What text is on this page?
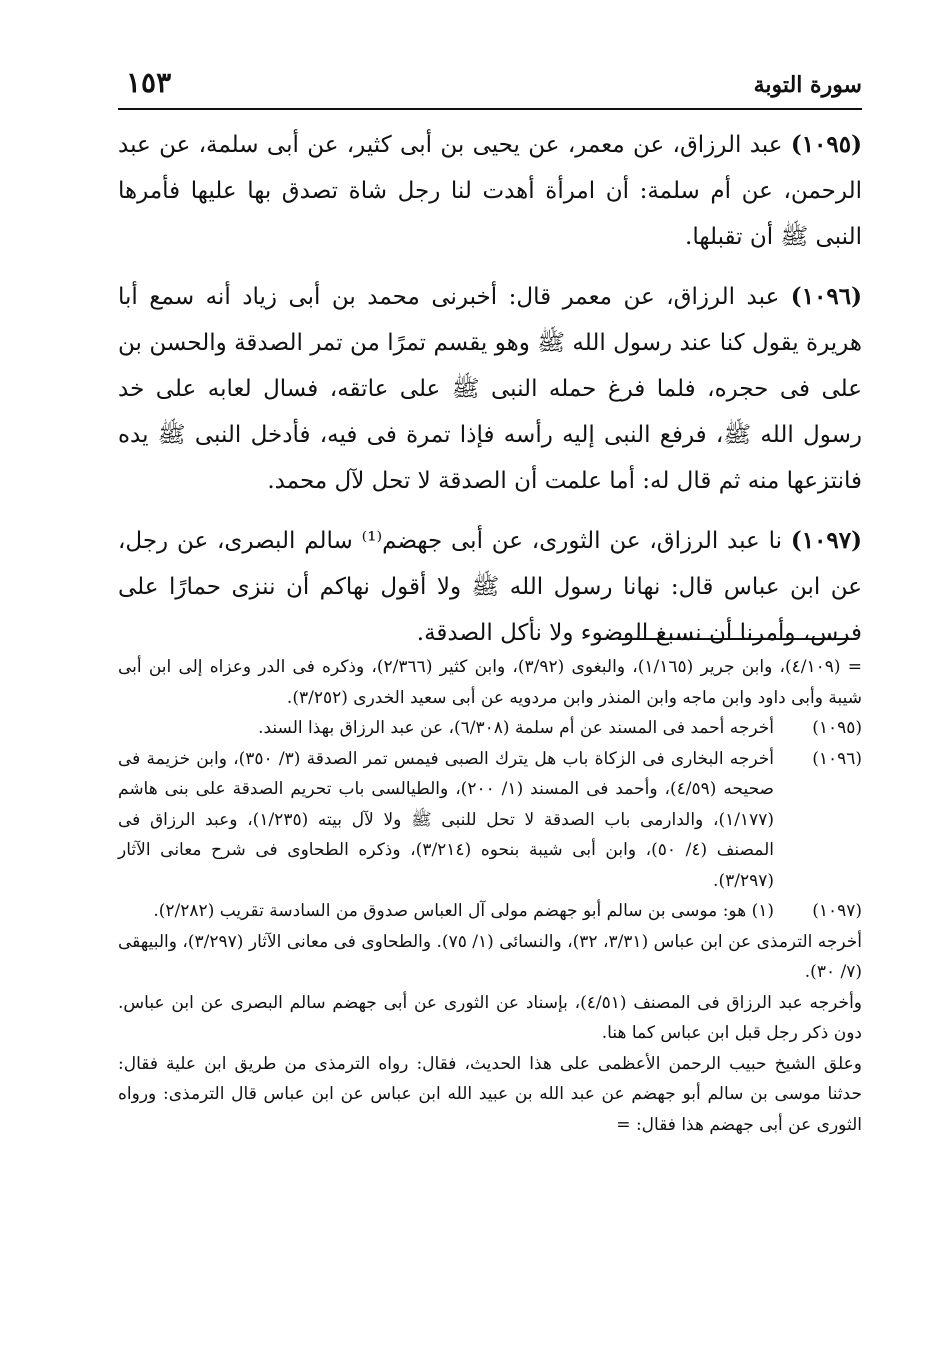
سورة التوبة
١٥٣

(١٠٩٥) عبد الرزاق، عن معمر، عن يحيى بن أبى كثير، عن أبى سلمة، عن عبد الرحمن، عن أم سلمة: أن امرأة أهدت لنا رجل شاة تصدق بها عليها فأمرها النبى ﷺ أن تقبلها.

(١٠٩٦) عبد الرزاق، عن معمر قال: أخبرنى محمد بن أبى زياد أنه سمع أبا هريرة يقول كنا عند رسول الله ﷺ وهو يقسم تمرًا من تمر الصدقة والحسن بن على فى حجره، فلما فرغ حمله النبى ﷺ على عاتقه، فسال لعابه على خد رسول الله ﷺ، فرفع النبى إليه رأسه فإذا تمرة فى فيه، فأدخل النبى ﷺ يده فانتزعها منه ثم قال له: أما علمت أن الصدقة لا تحل لآل محمد.

(١٠٩٧) نا عبد الرزاق، عن الثورى، عن أبى جهضم⁽¹⁾ سالم البصرى، عن رجل، عن ابن عباس قال: نهانا رسول الله ﷺ ولا أقول نهاكم أن ننزى حمارًا على فرس، وأمرنا أن نسبغ الوضوء ولا نأكل الصدقة.

= (٤/١٠٩)، وابن جرير (١/١٦٥)، والبغوى (٣/٩٢)، وابن كثير (٢/٣٦٦)، وذكره فى الدر وعزاه إلى ابن أبى شيبة وأبى داود وابن ماجه وابن المنذر وابن مردويه عن أبى سعيد الخدرى (٣/٢٥٢).

(١٠٩٥)
أخرجه أحمد فى المسند عن أم سلمة (٦/٣٠٨)، عن عبد الرزاق بهذا السند.
(١٠٩٦)
أخرجه البخارى فى الزكاة باب هل يترك الصبى فيمس تمر الصدقة (٣/ ٣٥٠)، وابن خزيمة فى صحيحه (٤/٥٩)، وأحمد فى المسند (١/ ٢٠٠)، والطيالسى باب تحريم الصدقة على بنى هاشم (١/١٧٧)، والدارمى باب الصدقة لا تحل للنبى ﷺ ولا لآل بيته (١/٢٣٥)، وعبد الرزاق فى المصنف (٤/ ٥٠)، وابن أبى شيبة بنحوه (٣/٢١٤)، وذكره الطحاوى فى شرح معانى الآثار (٣/٢٩٧).
(١٠٩٧)
(١) هو: موسى بن سالم أبو جهضم مولى آل العباس صدوق من السادسة تقريب (٢/٢٨٢).

أخرجه الترمذى عن ابن عباس (٣/٣١، ٣٢)، والنسائى (١/ ٧٥). والطحاوى فى معانى الآثار (٣/٢٩٧)، والبيهقى (٧/ ٣٠).

وأخرجه عبد الرزاق فى المصنف (٤/٥١)، بإسناد عن الثورى عن أبى جهضم سالم البصرى عن ابن عباس. دون ذكر رجل قبل ابن عباس كما هنا.

وعلق الشيخ حبيب الرحمن الأعظمى على هذا الحديث، فقال: رواه الترمذى من طريق ابن علية فقال: حدثنا موسى بن سالم أبو جهضم عن عبد الله بن عبيد الله ابن عباس عن ابن عباس قال الترمذى: ورواه الثورى عن أبى جهضم هذا فقال: =
